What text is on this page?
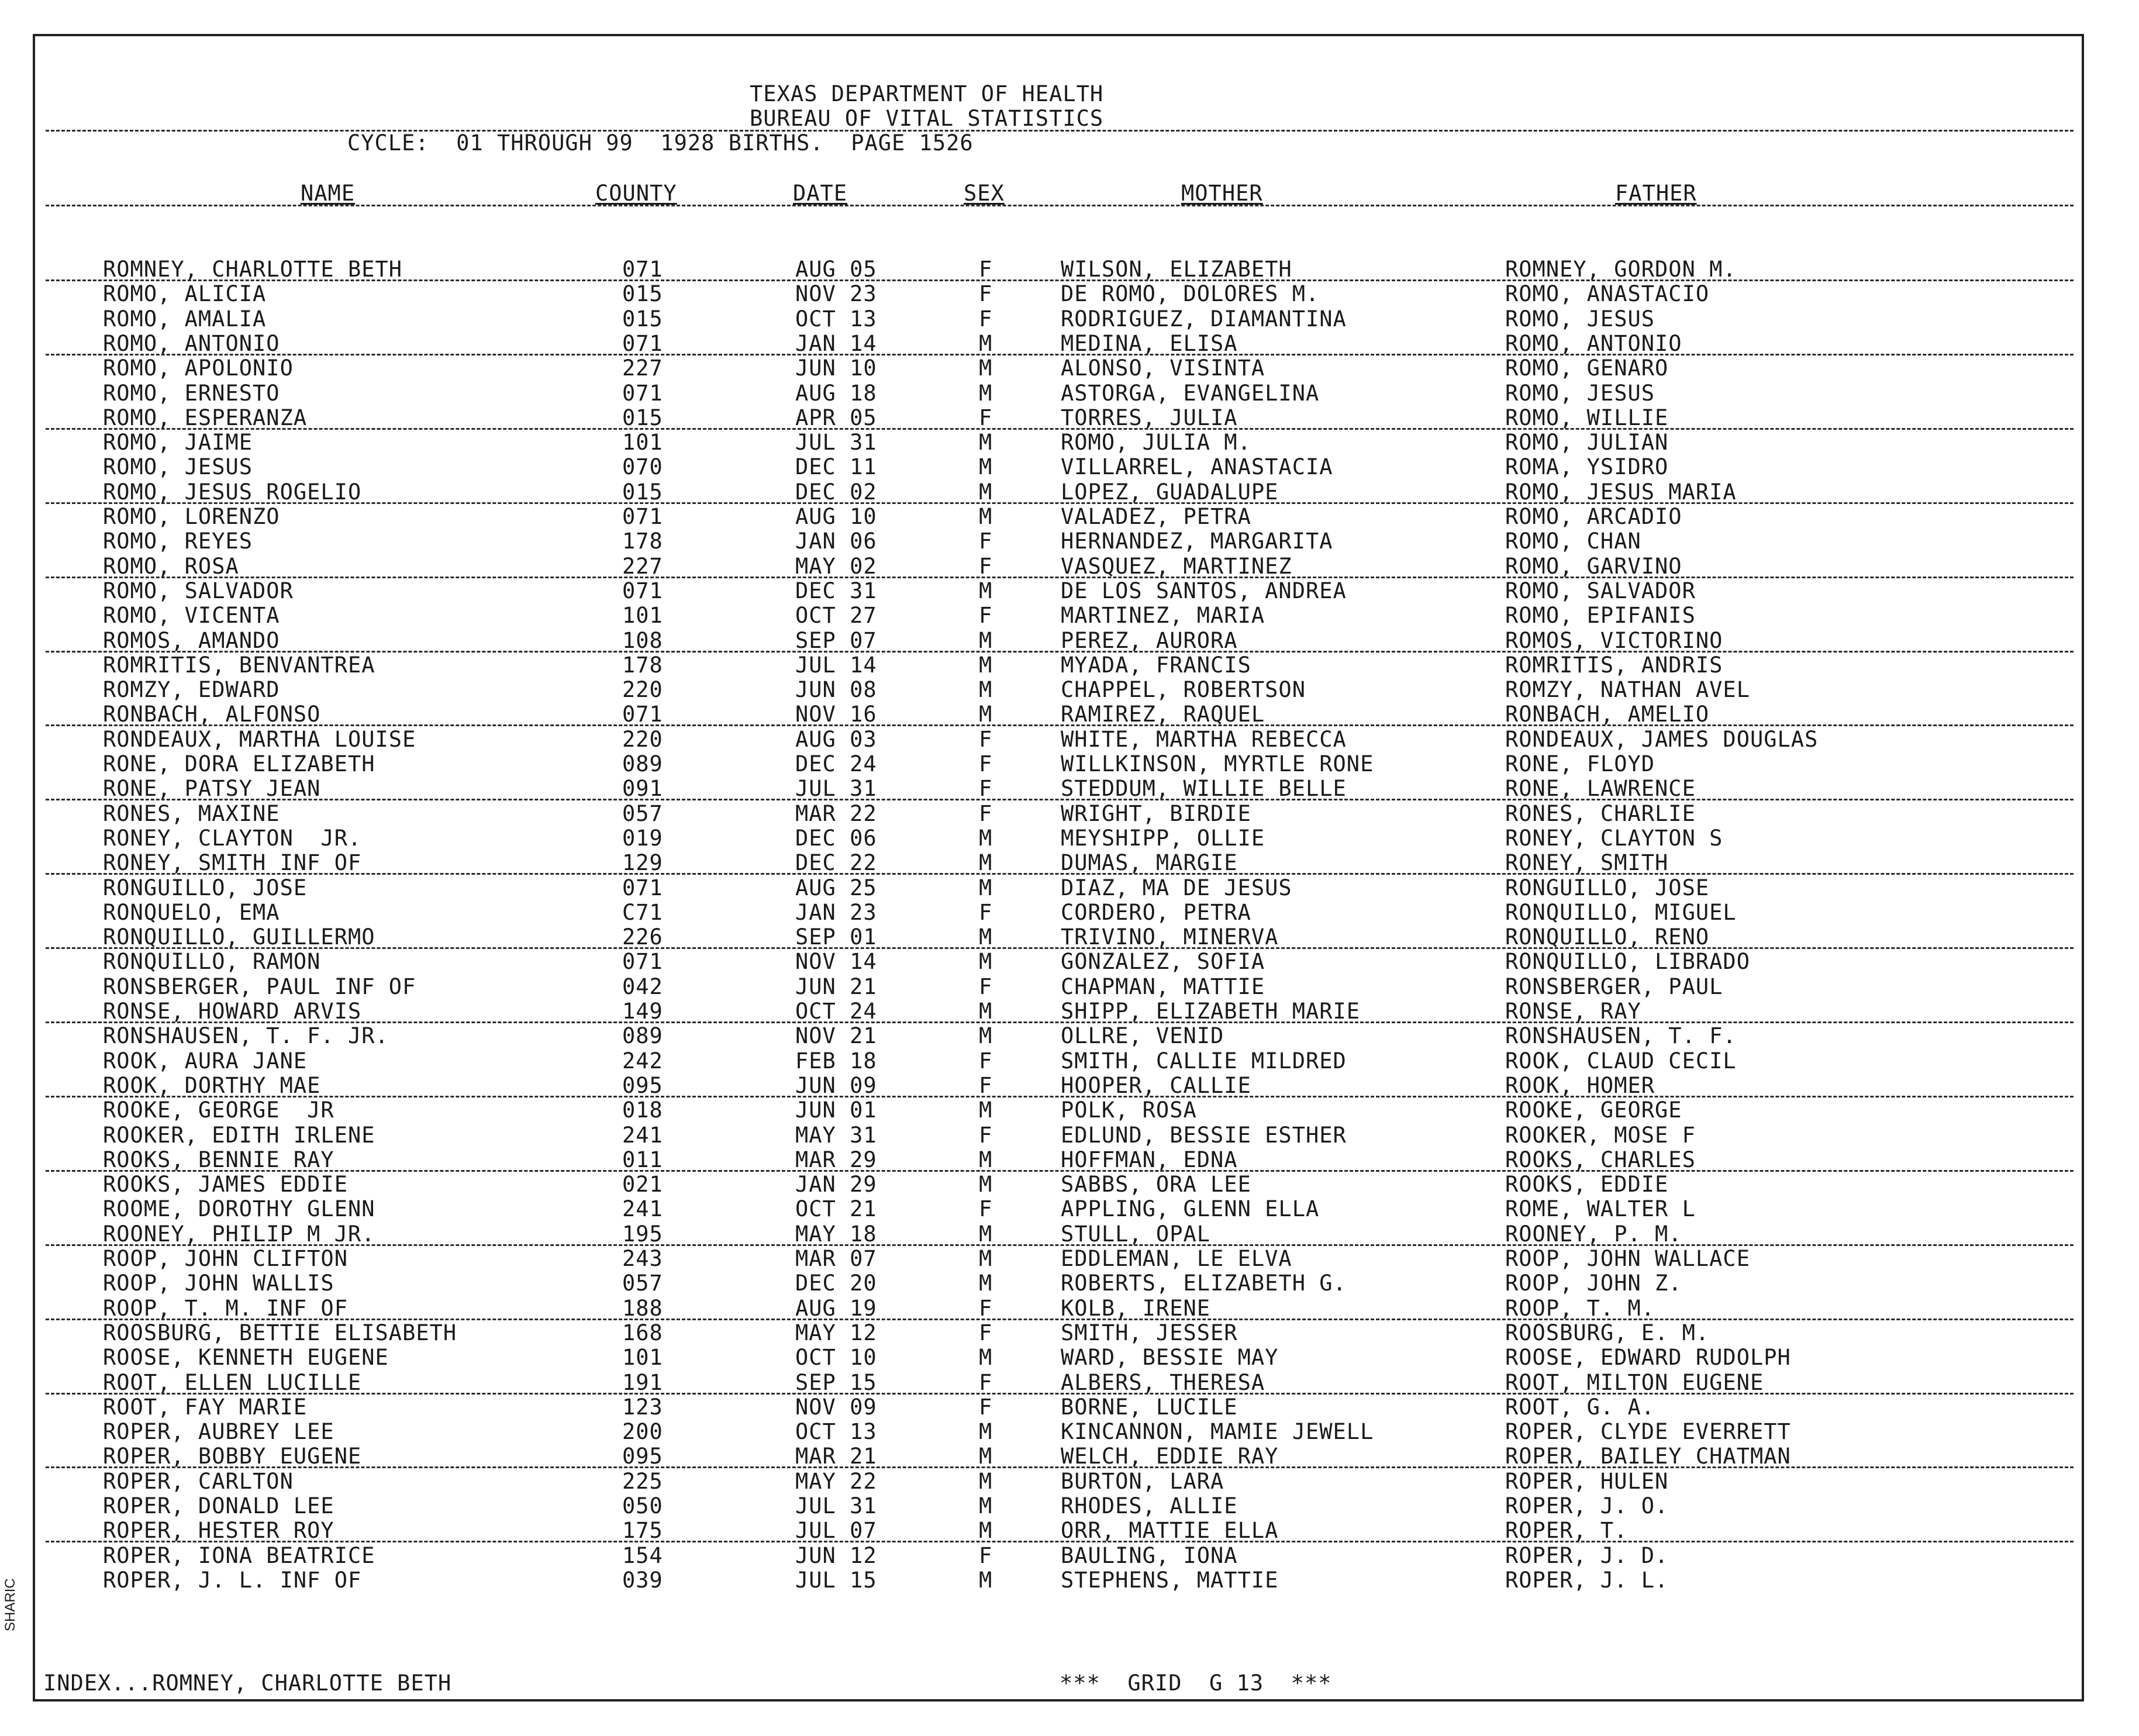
TEXAS DEPARTMENT OF HEALTH
BUREAU OF VITAL STATISTICS
CYCLE:  01 THROUGH 99  1928 BIRTHS.  PAGE 1526
NAME	COUNTY	DATE	SEX	MOTHER	FATHER
ROMNEY, CHARLOTTE BETH	071	AUG 05	F	WILSON, ELIZABETH	ROMNEY, GORDON M.
ROMO, ALICIA	015	NOV 23	F	DE ROMO, DOLORES M.	ROMO, ANASTACIO
ROMO, AMALIA	015	OCT 13	F	RODRIGUEZ, DIAMANTINA	ROMO, JESUS
ROMO, ANTONIO	071	JAN 14	M	MEDINA, ELISA	ROMO, ANTONIO
ROMO, APOLONIO	227	JUN 10	M	ALONSO, VISINTA	ROMO, GENARO
ROMO, ERNESTO	071	AUG 18	M	ASTORGA, EVANGELINA	ROMO, JESUS
ROMO, ESPERANZA	015	APR 05	F	TORRES, JULIA	ROMO, WILLIE
ROMO, JAIME	101	JUL 31	M	ROMO, JULIA M.	ROMO, JULIAN
ROMO, JESUS	070	DEC 11	M	VILLARREL, ANASTACIA	ROMA, YSIDRO
ROMO, JESUS ROGELIO	015	DEC 02	M	LOPEZ, GUADALUPE	ROMO, JESUS MARIA
ROMO, LORENZO	071	AUG 10	M	VALADEZ, PETRA	ROMO, ARCADIO
ROMO, REYES	178	JAN 06	F	HERNANDEZ, MARGARITA	ROMO, CHAN
ROMO, ROSA	227	MAY 02	F	VASQUEZ, MARTINEZ	ROMO, GARVINO
ROMO, SALVADOR	071	DEC 31	M	DE LOS SANTOS, ANDREA	ROMO, SALVADOR
ROMO, VICENTA	101	OCT 27	F	MARTINEZ, MARIA	ROMO, EPIFANIS
ROMOS, AMANDO	108	SEP 07	M	PEREZ, AURORA	ROMOS, VICTORINO
ROMRITIS, BENVANTREA	178	JUL 14	M	MYADA, FRANCIS	ROMRITIS, ANDRIS
ROMZY, EDWARD	220	JUN 08	M	CHAPPEL, ROBERTSON	ROMZY, NATHAN AVEL
RONBACH, ALFONSO	071	NOV 16	M	RAMIREZ, RAQUEL	RONBACH, AMELIO
RONDEAUX, MARTHA LOUISE	220	AUG 03	F	WHITE, MARTHA REBECCA	RONDEAUX, JAMES DOUGLAS
RONE, DORA ELIZABETH	089	DEC 24	F	WILLKINSON, MYRTLE RONE	RONE, FLOYD
RONE, PATSY JEAN	091	JUL 31	F	STEDDUM, WILLIE BELLE	RONE, LAWRENCE
RONES, MAXINE	057	MAR 22	F	WRIGHT, BIRDIE	RONES, CHARLIE
RONEY, CLAYTON  JR.	019	DEC 06	M	MEYSHIPP, OLLIE	RONEY, CLAYTON S
RONEY, SMITH INF OF	129	DEC 22	M	DUMAS, MARGIE	RONEY, SMITH
RONGUILLO, JOSE	071	AUG 25	M	DIAZ, MA DE JESUS	RONGUILLO, JOSE
RONQUELO, EMA	C71	JAN 23	F	CORDERO, PETRA	RONQUILLO, MIGUEL
RONQUILLO, GUILLERMO	226	SEP 01	M	TRIVINO, MINERVA	RONQUILLO, RENO
RONQUILLO, RAMON	071	NOV 14	M	GONZALEZ, SOFIA	RONQUILLO, LIBRADO
RONSBERGER, PAUL INF OF	042	JUN 21	F	CHAPMAN, MATTIE	RONSBERGER, PAUL
RONSE, HOWARD ARVIS	149	OCT 24	M	SHIPP, ELIZABETH MARIE	RONSE, RAY
RONSHAUSEN, T. F. JR.	089	NOV 21	M	OLLRE, VENID	RONSHAUSEN, T. F.
ROOK, AURA JANE	242	FEB 18	F	SMITH, CALLIE MILDRED	ROOK, CLAUD CECIL
ROOK, DORTHY MAE	095	JUN 09	F	HOOPER, CALLIE	ROOK, HOMER
ROOKE, GEORGE  JR	018	JUN 01	M	POLK, ROSA	ROOKE, GEORGE
ROOKER, EDITH IRLENE	241	MAY 31	F	EDLUND, BESSIE ESTHER	ROOKER, MOSE F
ROOKS, BENNIE RAY	011	MAR 29	M	HOFFMAN, EDNA	ROOKS, CHARLES
ROOKS, JAMES EDDIE	021	JAN 29	M	SABBS, ORA LEE	ROOKS, EDDIE
ROOME, DOROTHY GLENN	241	OCT 21	F	APPLING, GLENN ELLA	ROME, WALTER L
ROONEY, PHILIP M JR.	195	MAY 18	M	STULL, OPAL	ROONEY, P. M.
ROOP, JOHN CLIFTON	243	MAR 07	M	EDDLEMAN, LE ELVA	ROOP, JOHN WALLACE
ROOP, JOHN WALLIS	057	DEC 20	M	ROBERTS, ELIZABETH G.	ROOP, JOHN Z.
ROOP, T. M. INF OF	188	AUG 19	F	KOLB, IRENE	ROOP, T. M.
ROOSBURG, BETTIE ELISABETH	168	MAY 12	F	SMITH, JESSER	ROOSBURG, E. M.
ROOSE, KENNETH EUGENE	101	OCT 10	M	WARD, BESSIE MAY	ROOSE, EDWARD RUDOLPH
ROOT, ELLEN LUCILLE	191	SEP 15	F	ALBERS, THERESA	ROOT, MILTON EUGENE
ROOT, FAY MARIE	123	NOV 09	F	BORNE, LUCILE	ROOT, G. A.
ROPER, AUBREY LEE	200	OCT 13	M	KINCANNON, MAMIE JEWELL	ROPER, CLYDE EVERRETT
ROPER, BOBBY EUGENE	095	MAR 21	M	WELCH, EDDIE RAY	ROPER, BAILEY CHATMAN
ROPER, CARLTON	225	MAY 22	M	BURTON, LARA	ROPER, HULEN
ROPER, DONALD LEE	050	JUL 31	M	RHODES, ALLIE	ROPER, J. O.
ROPER, HESTER ROY	175	JUL 07	M	ORR, MATTIE ELLA	ROPER, T.
ROPER, IONA BEATRICE	154	JUN 12	F	BAULING, IONA	ROPER, J. D.
ROPER, J. L. INF OF	039	JUL 15	M	STEPHENS, MATTIE	ROPER, J. L.
INDEX...ROMNEY, CHARLOTTE BETH	***  GRID  G 13  ***
SHARIC
